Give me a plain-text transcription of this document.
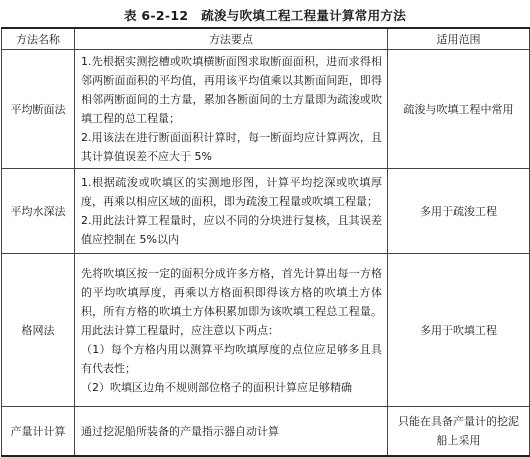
表 6-2-12　疏浚与吹填工程工程量计算常用方法
方法名称	方法要点	适用范围
平均断面法	1.先根据实测挖槽或吹填横断面图求取断面面积，进而求得相邻两断面面积的平均值，再用该平均值乘以其断面间距，即得相邻两断面间的土方量，累加各断面间的土方量即为疏浚或吹填工程的总工程量；

2.用该法在进行断面面积计算时，每一断面均应计算两次，且其计算值误差不应大于 5%	疏浚与吹填工程中常用
平均水深法	1.根据疏浚或吹填区的实测地形图，计算平均挖深或吹填厚度，再乘以相应区域的面积，即为疏浚工程量或吹填工程量；

2.用此法计算工程量时，应以不同的分块进行复核，且其误差值应控制在 5%以内	多用于疏浚工程
格网法	先将吹填区按一定的面积分成许多方格，首先计算出每一方格的平均吹填厚度，再乘以方格面积即得该方格的吹填土方体积，所有方格的吹填土方体积累加即为该吹填工程总工程量。用此法计算工程量时，应注意以下两点：

（1）每个方格内用以测算平均吹填厚度的点位应足够多且具有代表性；

（2）吹填区边角不规则部位格子的面积计算应足够精确	多用于吹填工程
产量计计算	通过挖泥船所装备的产量指示器自动计算	只能在具备产量计的挖泥船上采用
